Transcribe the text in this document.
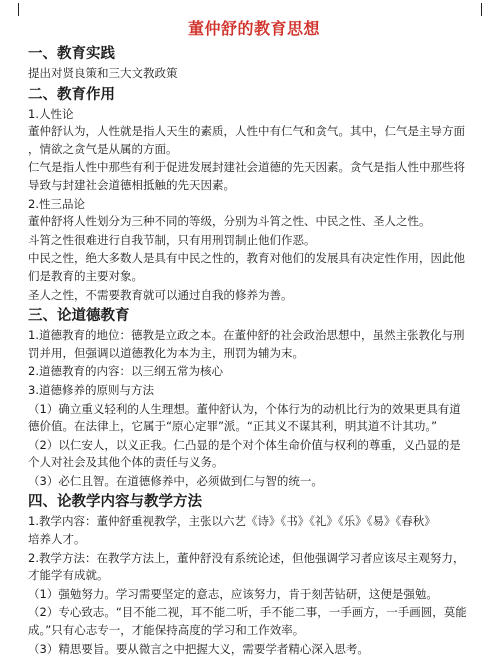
董仲舒的教育思想
一、教育实践
提出对贤良策和三大文教政策
二、教育作用
1.人性论
董仲舒认为，人性就是指人天生的素质，人性中有仁气和贪气。其中，仁气是主导方面
，情欲之贪气是从属的方面。
仁气是指人性中那些有利于促进发展封建社会道德的先天因素。贪气是指人性中那些将
导致与封建社会道德相抵触的先天因素。
2.性三品论
董仲舒将人性划分为三种不同的等级，分别为斗筲之性、中民之性、圣人之性。
斗筲之性很难进行自我节制，只有用刑罚制止他们作恶。
中民之性，绝大多数人是具有中民之性的，教育对他们的发展具有决定性作用，因此他
们是教育的主要对象。
圣人之性，不需要教育就可以通过自我的修养为善。
三、论道德教育
1.道德教育的地位：德教是立政之本。在董仲舒的社会政治思想中，虽然主张教化与刑
罚并用，但强调以道德教化为本为主，刑罚为辅为末。
2.道德教育的内容：以三纲五常为核心
3.道德修养的原则与方法
（1）确立重义轻利的人生理想。董仲舒认为，个体行为的动机比行为的效果更具有道
德价值。在法律上，它属于“原心定罪”派。“正其义不谋其利，明其道不计其功。”
（2）以仁安人，以义正我。仁凸显的是个对个体生命价值与权利的尊重，义凸显的是
个人对社会及其他个体的责任与义务。
（3）必仁且智。在道德修养中，必须做到仁与智的统一。
四、论教学内容与教学方法
1.教学内容：董仲舒重视教学，主张以六艺《诗》《书》《礼》《乐》《易》《春秋》
培养人才。
2.教学方法：在教学方法上，董仲舒没有系统论述，但他强调学习者应该尽主观努力，
才能学有成就。
（1）强勉努力。学习需要坚定的意志，应该努力，肯于刻苦钻研，这便是强勉。
（2）专心致志。“目不能二视，耳不能二听，手不能二事，一手画方，一手画圆，莫能
成。”只有心志专一，才能保持高度的学习和工作效率。
（3）精思要旨。要从微言之中把握大义，需要学者精心深入思考。
